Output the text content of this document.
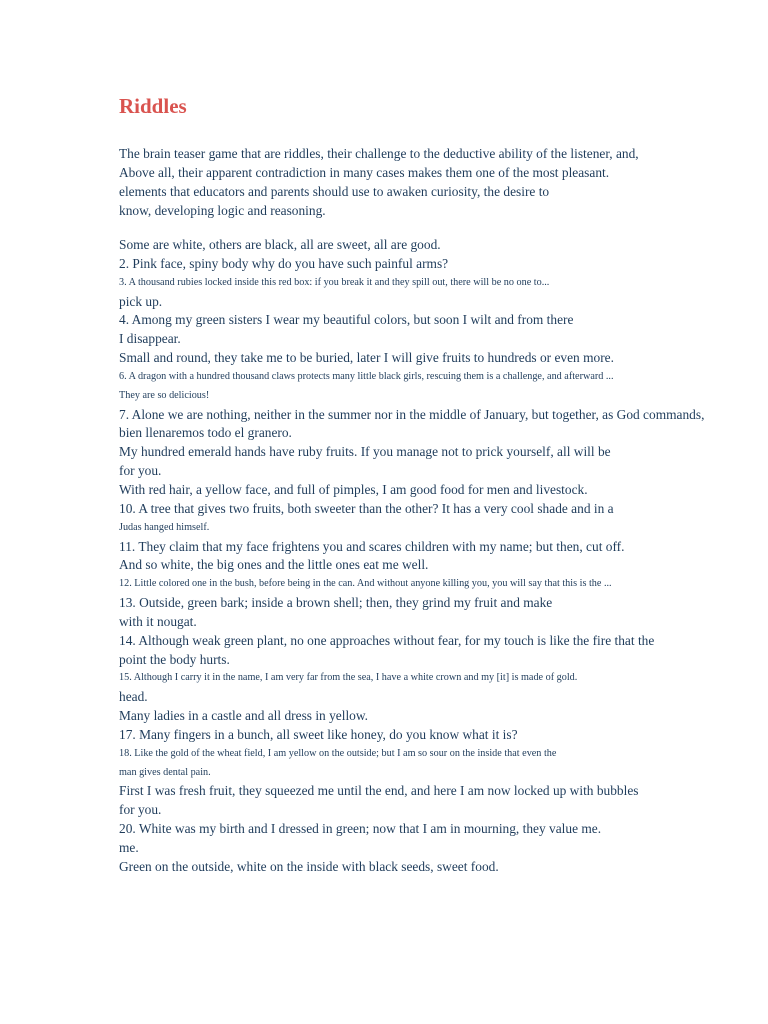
Riddles
The brain teaser game that are riddles, their challenge to the deductive ability of the listener, and,
Above all, their apparent contradiction in many cases makes them one of the most pleasant.
elements that educators and parents should use to awaken curiosity, the desire to
know, developing logic and reasoning.
Some are white, others are black, all are sweet, all are good.
2. Pink face, spiny body why do you have such painful arms?
3. A thousand rubies locked inside this red box: if you break it and they spill out, there will be no one to...
pick up.
4. Among my green sisters I wear my beautiful colors, but soon I wilt and from there
I disappear.
Small and round, they take me to be buried, later I will give fruits to hundreds or even more.
6. A dragon with a hundred thousand claws protects many little black girls, rescuing them is a challenge, and afterward ...
They are so delicious!
7. Alone we are nothing, neither in the summer nor in the middle of January, but together, as God commands,
bien llenaremos todo el granero.
My hundred emerald hands have ruby fruits. If you manage not to prick yourself, all will be
for you.
With red hair, a yellow face, and full of pimples, I am good food for men and livestock.
10. A tree that gives two fruits, both sweeter than the other? It has a very cool shade and in a
Judas hanged himself.
11. They claim that my face frightens you and scares children with my name; but then, cut off.
And so white, the big ones and the little ones eat me well.
12. Little colored one in the bush, before being in the can. And without anyone killing you, you will say that this is the ...
13. Outside, green bark; inside a brown shell; then, they grind my fruit and make
with it nougat.
14. Although weak green plant, no one approaches without fear, for my touch is like the fire that the
point the body hurts.
15. Although I carry it in the name, I am very far from the sea, I have a white crown and my [it] is made of gold.
head.
Many ladies in a castle and all dress in yellow.
17. Many fingers in a bunch, all sweet like honey, do you know what it is?
18. Like the gold of the wheat field, I am yellow on the outside; but I am so sour on the inside that even the
man gives dental pain.
First I was fresh fruit, they squeezed me until the end, and here I am now locked up with bubbles
for you.
20. White was my birth and I dressed in green; now that I am in mourning, they value me.
me.
Green on the outside, white on the inside with black seeds, sweet food.
